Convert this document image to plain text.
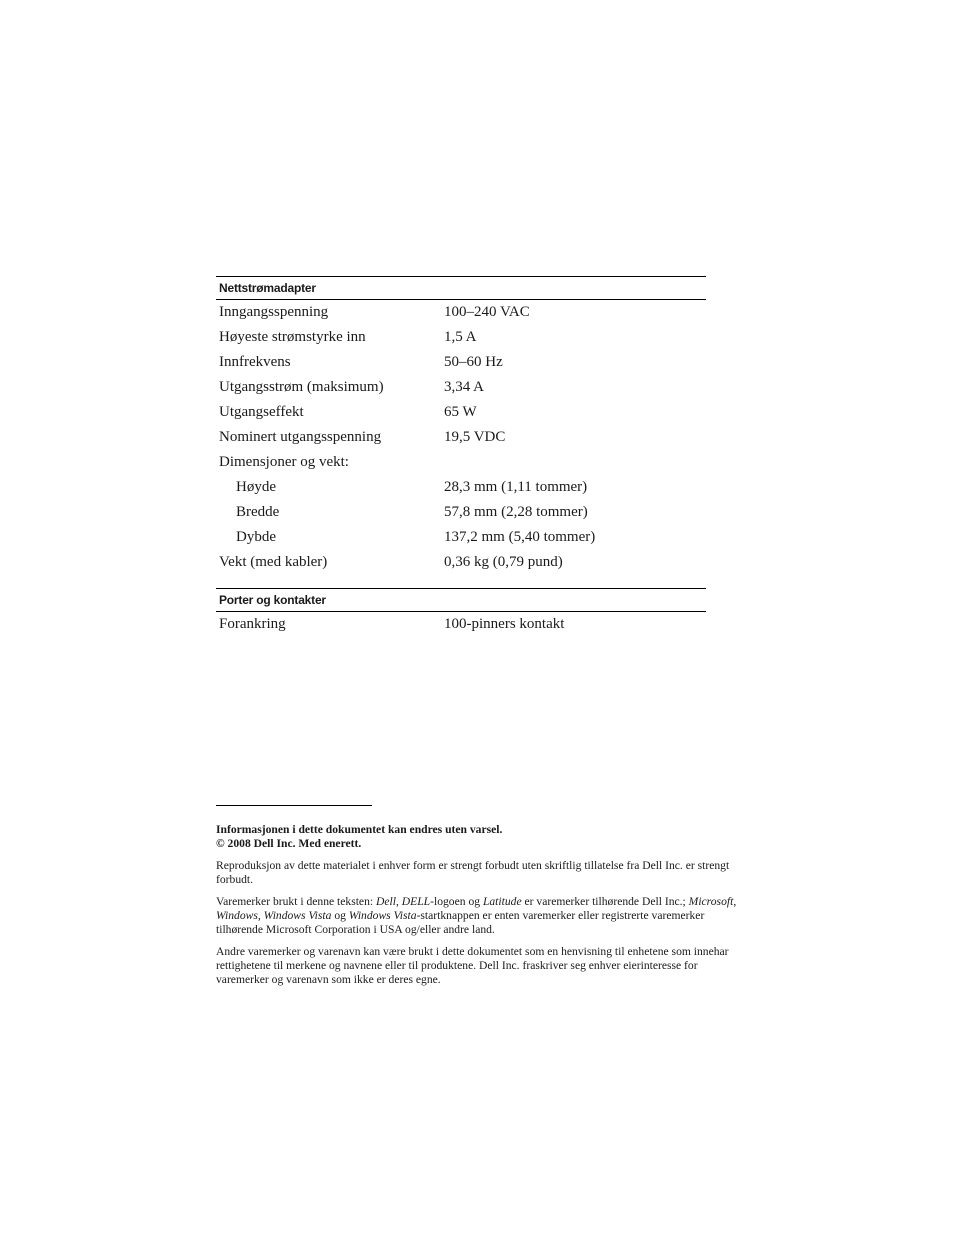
Nettstrømadapter
Inngangsspenning	100–240 VAC
Høyeste strømstyrke inn	1,5 A
Innfrekvens	50–60 Hz
Utgangsstrøm (maksimum)	3,34 A
Utgangseffekt	65 W
Nominert utgangsspenning	19,5 VDC
Dimensjoner og vekt:
Høyde	28,3 mm (1,11 tommer)
Bredde	57,8 mm (2,28 tommer)
Dybde	137,2 mm (5,40 tommer)
Vekt (med kabler)	0,36 kg (0,79 pund)
Porter og kontakter
Forankring	100-pinners kontakt

Informasjonen i dette dokumentet kan endres uten varsel.
© 2008 Dell Inc. Med enerett.

Reproduksjon av dette materialet i enhver form er strengt forbudt uten skriftlig tillatelse fra Dell Inc. er strengt forbudt.

Varemerker brukt i denne teksten: Dell, DELL-logoen og Latitude er varemerker tilhørende Dell Inc.; Microsoft, Windows, Windows Vista og Windows Vista-startknappen er enten varemerker eller registrerte varemerker tilhørende Microsoft Corporation i USA og/eller andre land.

Andre varemerker og varenavn kan være brukt i dette dokumentet som en henvisning til enhetene som innehar rettighetene til merkene og navnene eller til produktene. Dell Inc. fraskriver seg enhver eierinteresse for varemerker og varenavn som ikke er deres egne.
